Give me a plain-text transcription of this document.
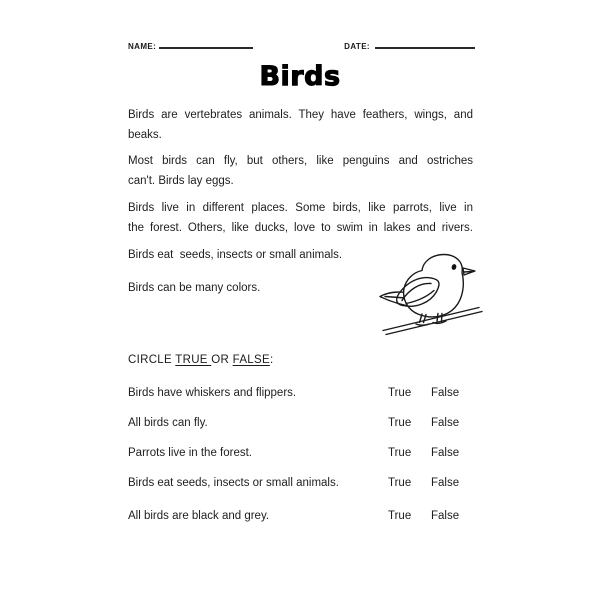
NAME:	DATE:
Birds
Birds are vertebrates animals. They have feathers, wings, and
beaks.
Most birds can fly, but others, like penguins and ostriches
can't. Birds lay eggs.
Birds live in different places. Some birds, like parrots, live in
the forest. Others, like ducks, love to swim in lakes and rivers.
Birds eat  seeds, insects or small animals.
Birds can be many colors.
CIRCLE TRUE OR FALSE:
Birds have whiskers and flippers.	True False
All birds can fly.	True False
Parrots live in the forest.	True False
Birds eat seeds, insects or small animals.	True False
All birds are black and grey.	True False
